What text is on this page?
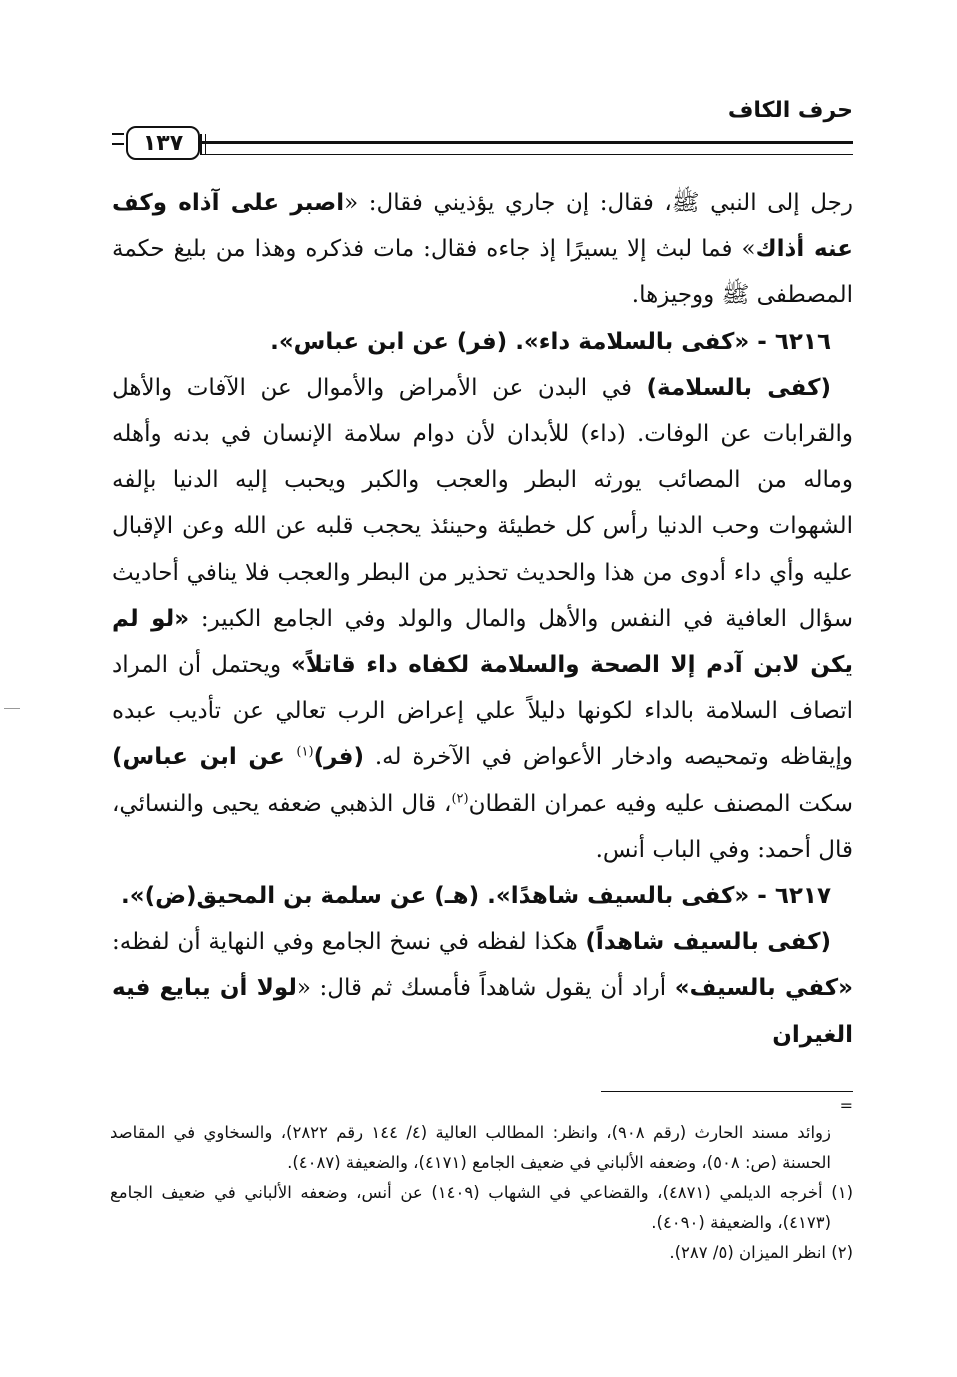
حرف الكاف
١٣٧

رجل إلى النبي ﷺ، فقال: إن جاري يؤذيني فقال: «اصبر على آذاه وكف عنه أذاك» فما لبث إلا يسيرًا إذ جاءه فقال: مات فذكره وهذا من بليغ حكمة المصطفى ﷺ ووجيزها.

٦٢١٦ - «كفى بالسلامة داء». (فر) عن ابن عباس».

(كفى بالسلامة) في البدن عن الأمراض والأموال عن الآفات والأهل والقرابات عن الوفات. (داء) للأبدان لأن دوام سلامة الإنسان في بدنه وأهله وماله من المصائب يورثه البطر والعجب والكبر ويحبب إليه الدنيا بإلفه الشهوات وحب الدنيا رأس كل خطيئة وحينئذ يحجب قلبه عن الله وعن الإقبال عليه وأي داء أدوى من هذا والحديث تحذير من البطر والعجب فلا ينافي أحاديث سؤال العافية في النفس والأهل والمال والولد وفي الجامع الكبير: «لو لم يكن لابن آدم إلا الصحة والسلامة لكفاه داء قاتلاً» ويحتمل أن المراد اتصاف السلامة بالداء لكونها دليلاً علي إعراض الرب تعالي عن تأديب عبده وإيقاظه وتمحيصه وادخار الأعواض في الآخرة له. (فر)$^{(١)}$ عن ابن عباس) سكت المصنف عليه وفيه عمران القطان$^{(٢)}$، قال الذهبي ضعفه يحيى والنسائي، قال أحمد: وفي الباب أنس.

٦٢١٧ - «كفى بالسيف شاهدًا». (هـ) عن سلمة بن المحيق(ض)».

(كفى بالسيف شاهداً) هكذا لفظه في نسخ الجامع وفي النهاية أن لفظه: «كفي بالسيف» أراد أن يقول شاهداً فأمسك ثم قال: «لولا أن يبايع فيه الغيران

=

زوائد مسند الحارث (رقم ٩٠٨)، وانظر: المطالب العالية (٤/ ١٤٤ رقم ٢٨٢٢)، والسخاوي في المقاصد الحسنة (ص: ٥٠٨)، وضعفه الألباني في ضعيف الجامع (٤١٧١)، والضعيفة (٤٠٨٧).

(١) أخرجه الديلمي (٤٨٧١)، والقضاعي في الشهاب (١٤٠٩) عن أنس، وضعفه الألباني في ضعيف الجامع (٤١٧٣)، والضعيفة (٤٠٩٠).

(٢) انظر الميزان (٥/ ٢٨٧).
